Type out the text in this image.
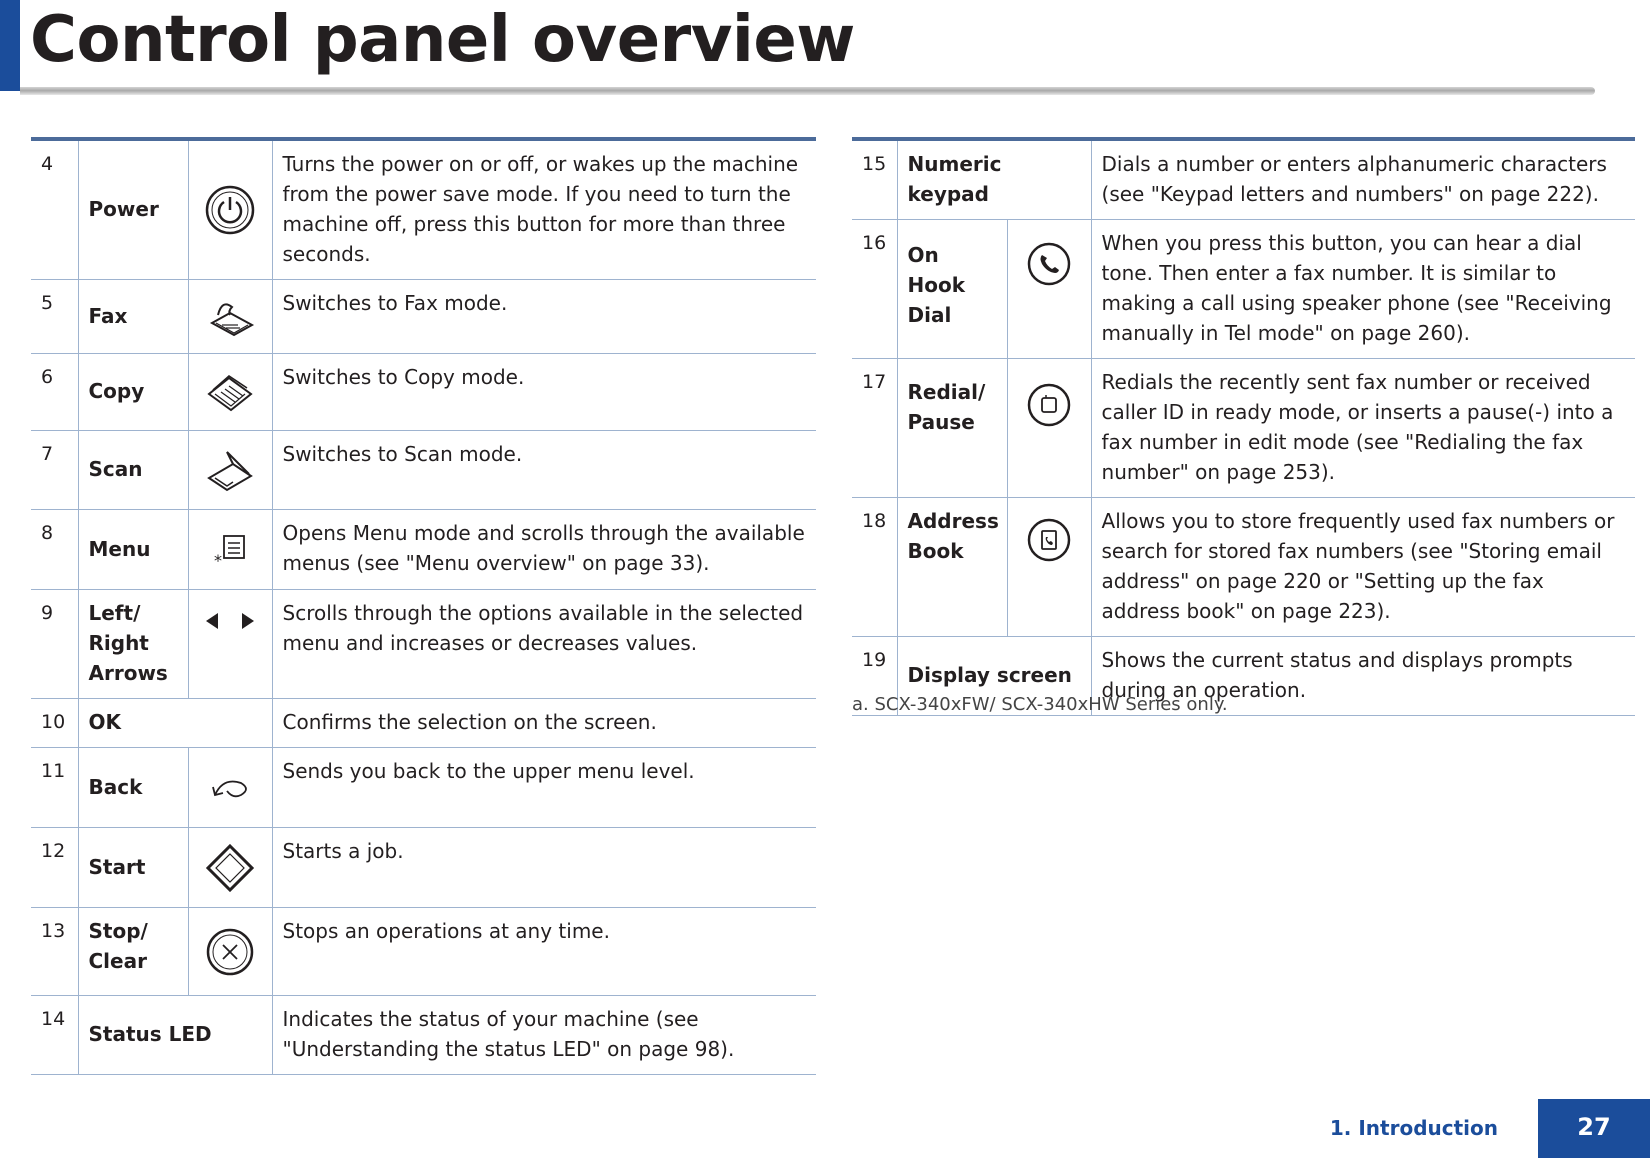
Control panel overview
4	Power		Turns the power on or off, or wakes up the machine from the power save mode. If you need to turn the machine off, press this button for more than three seconds.
5	Fax		Switches to Fax mode.
6	Copy		Switches to Copy mode.
7	Scan		Switches to Scan mode.
8	Menu	*	Opens Menu mode and scrolls through the available menus (see "Menu overview" on page 33).
9	Left/ Right Arrows		Scrolls through the options available in the selected menu and increases or decreases values.
10	OK		Confirms the selection on the screen.
11	Back		Sends you back to the upper menu level.
12	Start		Starts a job.
13	Stop/ Clear		Stops an operations at any time.
14	Status LED		Indicates the status of your machine (see "Understanding the status LED" on page 98).
15	Numeric keypad		Dials a number or enters alphanumeric characters (see "Keypad letters and numbers" on page 222).
16	On Hook Dial		When you press this button, you can hear a dial tone. Then enter a fax number. It is similar to making a call using speaker phone (see "Receiving manually in Tel mode" on page 260).
17	Redial/ Pause		Redials the recently sent fax number or received caller ID in ready mode, or inserts a pause(-) into a fax number in edit mode (see "Redialing the fax number" on page 253).
18	Address Book		Allows you to store frequently used fax numbers or search for stored fax numbers (see "Storing email address" on page 220 or "Setting up the fax address book" on page 223).
19	Display screen		Shows the current status and displays prompts during an operation.
a. SCX-340xFW/ SCX-340xHW Series only.
1. Introduction	27
